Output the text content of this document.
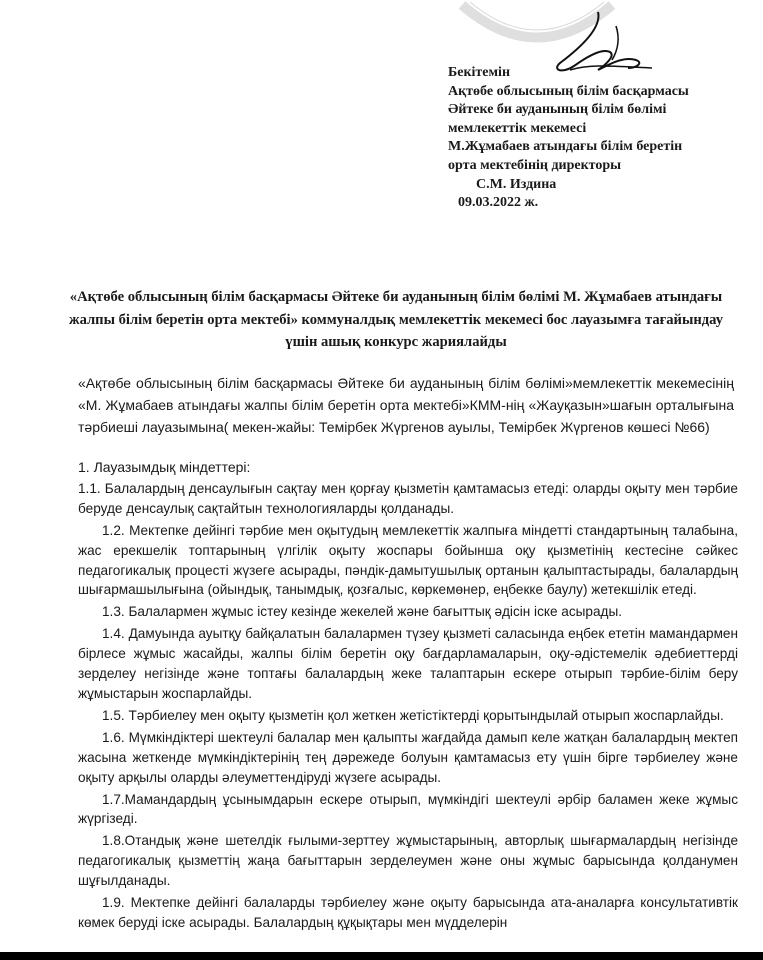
Бекітемін
Ақтөбе облысының білім басқармасы
Әйтеке би ауданының білім бөлімі
мемлекеттік мекемесі
М.Жұмабаев атындағы білім беретін
орта мектебінің директоры
С.М. Издина
09.03.2022 ж.
«Ақтөбе облысының білім басқармасы Әйтеке би ауданының білім бөлімі М. Жұмабаев атындағы жалпы білім беретін орта мектебі» коммуналдық мемлекеттік мекемесі бос лауазымға тағайындау үшін ашық конкурс жариялайды
«Ақтөбе облысының білім басқармасы Әйтеке би ауданының білім бөлімі»мемлекеттік мекемесінің «М. Жұмабаев атындағы жалпы білім беретін орта мектебі»КММ-нің «Жауқазын»шағын орталығына тәрбиеші лауазымына( мекен-жайы: Темірбек Жүргенов ауылы, Темірбек Жүргенов көшесі №66)
1. Лауазымдық міндеттері:

1.1. Балалардың денсаулығын сақтау мен қорғау қызметін қамтамасыз етеді: оларды оқыту мен тәрбие беруде денсаулық сақтайтын технологияларды қолданады.

1.2. Мектепке дейінгі тәрбие мен оқытудың мемлекеттік жалпыға міндетті стандартының талабына, жас ерекшелік топтарының үлгілік оқыту жоспары бойынша оқу қызметінің кестесіне сәйкес педагогикалық процесті жүзеге асырады, пәндік-дамытушылық ортанын қалыптастырады, балалардың шығармашылығына (ойындық, танымдық, қозғалыс, көркемөнер, еңбекке баулу) жетекшілік етеді.

1.3. Балалармен жұмыс істеу кезінде жекелей және бағыттық әдісін іске асырады.

1.4. Дамуында ауытқу байқалатын балалармен түзеу қызметі саласында еңбек ететін мамандармен бірлесе жұмыс жасайды, жалпы білім беретін оқу бағдарламаларын, оқу-әдістемелік әдебиеттерді зерделеу негізінде және топтағы балалардың жеке талаптарын ескере отырып тәрбие-білім беру жұмыстарын жоспарлайды.

1.5. Тәрбиелеу мен оқыту қызметін қол жеткен жетістіктерді қорытындылай отырып жоспарлайды.

1.6. Мүмкіндіктері шектеулі балалар мен қалыпты жағдайда дамып келе жатқан балалардың мектеп жасына жеткенде мүмкіндіктерінің тең дәрежеде болуын қамтамасыз ету үшін бірге тәрбиелеу және оқыту арқылы оларды әлеуметтендіруді жүзеге асырады.

1.7.Мамандардың ұсынымдарын ескере отырып, мүмкіндігі шектеулі әрбір баламен жеке жұмыс жүргізеді.

1.8.Отандық және шетелдік ғылыми-зерттеу жұмыстарының, авторлық шығармалардың негізінде педагогикалық қызметтің жаңа бағыттарын зерделеумен және оны жұмыс барысында қолданумен шұғылданады.

1.9. Мектепке дейінгі балаларды тәрбиелеу және оқыту барысында ата-аналарға консультативтік көмек беруді іске асырады. Балалардың құқықтары мен мүдделерін
